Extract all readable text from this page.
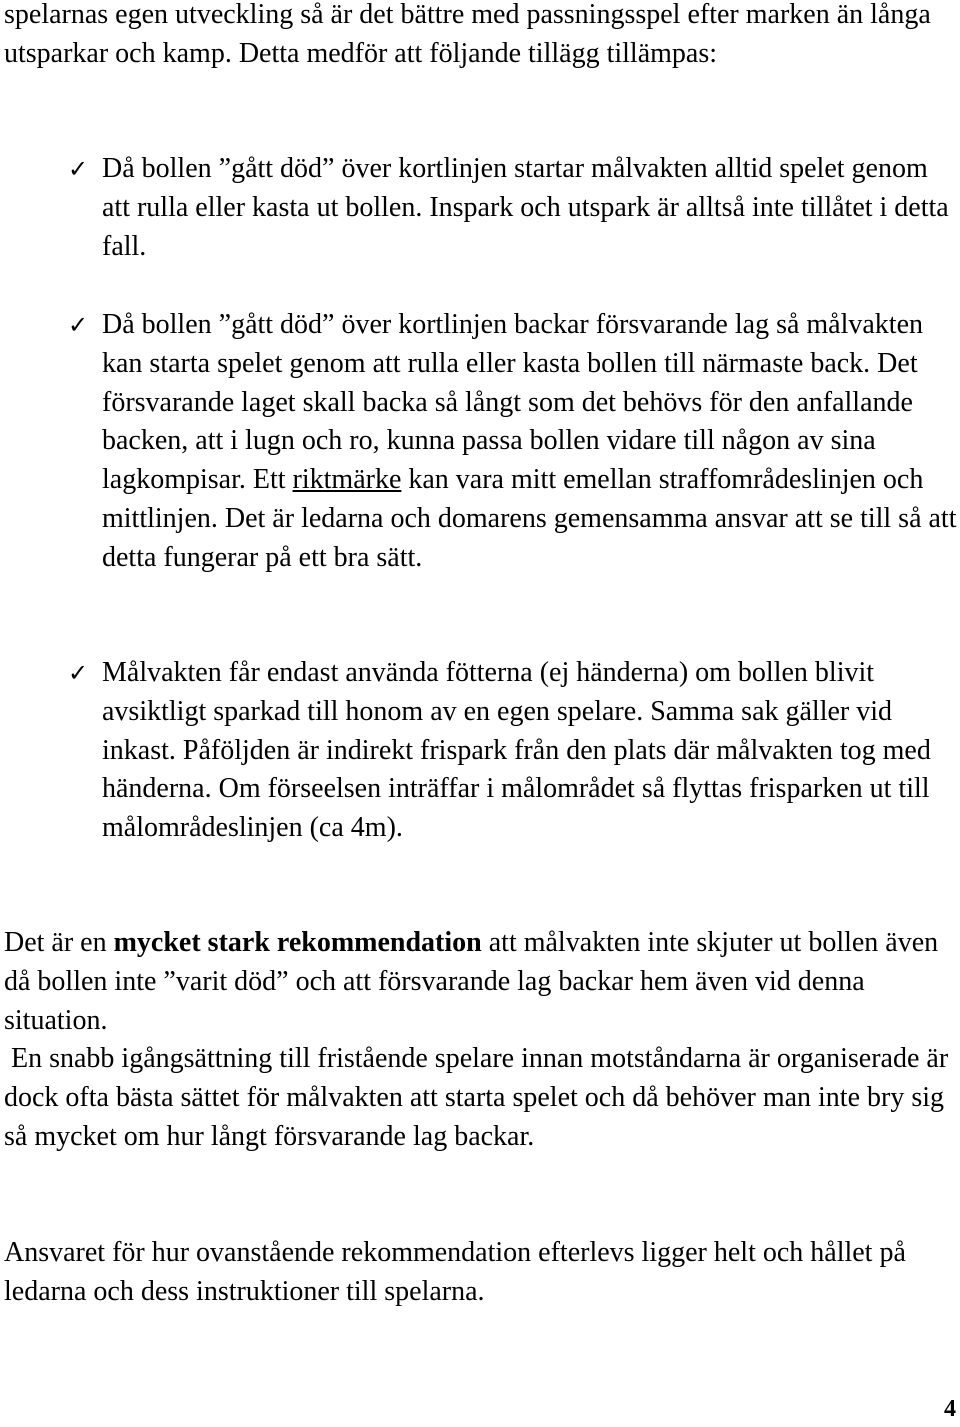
spelarnas egen utveckling så är det bättre med passningsspel efter marken än långa utsparkar och kamp. Detta medför att följande tillägg tillämpas:

✓ Då bollen ”gått död” över kortlinjen startar målvakten alltid spelet genom att rulla eller kasta ut bollen. Inspark och utspark är alltså inte tillåtet i detta fall.
✓ Då bollen ”gått död” över kortlinjen backar försvarande lag så målvakten kan starta spelet genom att rulla eller kasta bollen till närmaste back. Det försvarande laget skall backa så långt som det behövs för den anfallande backen, att i lugn och ro, kunna passa bollen vidare till någon av sina lagkompisar. Ett riktmärke kan vara mitt emellan straffområdeslinjen och mittlinjen. Det är ledarna och domarens gemensamma ansvar att se till så att detta fungerar på ett bra sätt.
✓ Målvakten får endast använda fötterna (ej händerna) om bollen blivit avsiktligt sparkad till honom av en egen spelare. Samma sak gäller vid inkast. Påföljden är indirekt frispark från den plats där målvakten tog med händerna. Om förseelsen inträffar i målområdet så flyttas frisparken ut till målområdeslinjen (ca 4m).

Det är en mycket stark rekommendation att målvakten inte skjuter ut bollen även då bollen inte ”varit död” och att försvarande lag backar hem även vid denna situation.

En snabb igångsättning till fristående spelare innan motståndarna är organiserade är dock ofta bästa sättet för målvakten att starta spelet och då behöver man inte bry sig så mycket om hur långt försvarande lag backar.

Ansvaret för hur ovanstående rekommendation efterlevs ligger helt och hållet på ledarna och dess instruktioner till spelarna.

4
